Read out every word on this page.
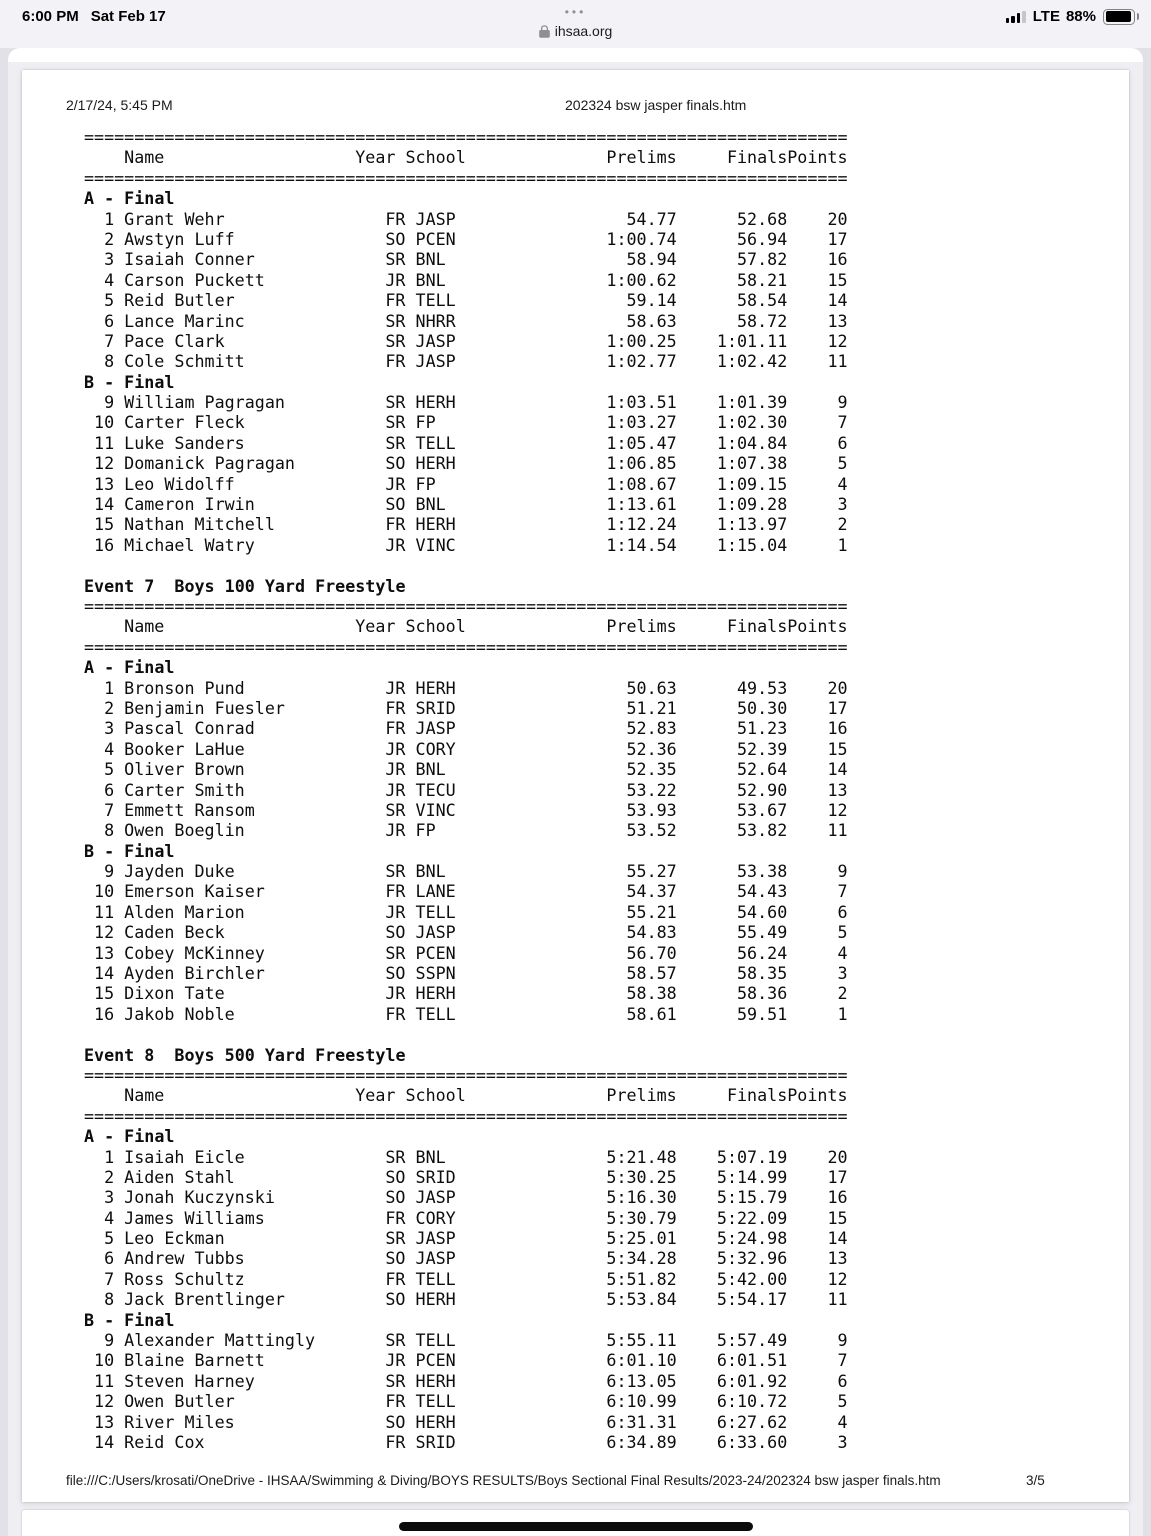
6:00 PM Sat Feb 17	•••
ihsaa.org
LTE 88%
2/17/24, 5:45 PM	202324 bsw jasper finals.htm
============================================================================
Name	Year School	Prelims	Finals Points
============================================================================
A - Final
1 Grant Wehr	FR JASP	54.77	52.68	20
2 Awstyn Luff	SO PCEN	1:00.74	56.94	17
3 Isaiah Conner	SR BNL	58.94	57.82	16
4 Carson Puckett	JR BNL	1:00.62	58.21	15
5 Reid Butler	FR TELL	59.14	58.54	14
6 Lance Marinc	SR NHRR	58.63	58.72	13
7 Pace Clark	SR JASP	1:00.25	1:01.11	12
8 Cole Schmitt	FR JASP	1:02.77	1:02.42	11
B - Final
9 William Pagragan	SR HERH	1:03.51	1:01.39	9
10 Carter Fleck	SR FP	1:03.27	1:02.30	7
11 Luke Sanders	SR TELL	1:05.47	1:04.84	6
12 Domanick Pagragan	SO HERH	1:06.85	1:07.38	5
13 Leo Widolff	JR FP	1:08.67	1:09.15	4
14 Cameron Irwin	SO BNL	1:13.61	1:09.28	3
15 Nathan Mitchell	FR HERH	1:12.24	1:13.97	2
16 Michael Watry	JR VINC	1:14.54	1:15.04	1
Event 7  Boys 100 Yard Freestyle
============================================================================
Name	Year School	Prelims	Finals Points
============================================================================
A - Final
1 Bronson Pund	JR HERH	50.63	49.53	20
2 Benjamin Fuesler	FR SRID	51.21	50.30	17
3 Pascal Conrad	FR JASP	52.83	51.23	16
4 Booker LaHue	JR CORY	52.36	52.39	15
5 Oliver Brown	JR BNL	52.35	52.64	14
6 Carter Smith	JR TECU	53.22	52.90	13
7 Emmett Ransom	SR VINC	53.93	53.67	12
8 Owen Boeglin	JR FP	53.52	53.82	11
B - Final
9 Jayden Duke	SR BNL	55.27	53.38	9
10 Emerson Kaiser	FR LANE	54.37	54.43	7
11 Alden Marion	JR TELL	55.21	54.60	6
12 Caden Beck	SO JASP	54.83	55.49	5
13 Cobey McKinney	SR PCEN	56.70	56.24	4
14 Ayden Birchler	SO SSPN	58.57	58.35	3
15 Dixon Tate	JR HERH	58.38	58.36	2
16 Jakob Noble	FR TELL	58.61	59.51	1
Event 8  Boys 500 Yard Freestyle
============================================================================
Name	Year School	Prelims	Finals Points
============================================================================
A - Final
1 Isaiah Eicle	SR BNL	5:21.48	5:07.19	20
2 Aiden Stahl	SO SRID	5:30.25	5:14.99	17
3 Jonah Kuczynski	SO JASP	5:16.30	5:15.79	16
4 James Williams	FR CORY	5:30.79	5:22.09	15
5 Leo Eckman	SR JASP	5:25.01	5:24.98	14
6 Andrew Tubbs	SO JASP	5:34.28	5:32.96	13
7 Ross Schultz	FR TELL	5:51.82	5:42.00	12
8 Jack Brentlinger	SO HERH	5:53.84	5:54.17	11
B - Final
9 Alexander Mattingly	SR TELL	5:55.11	5:57.49	9
10 Blaine Barnett	JR PCEN	6:01.10	6:01.51	7
11 Steven Harney	SR HERH	6:13.05	6:01.92	6
12 Owen Butler	FR TELL	6:10.99	6:10.72	5
13 River Miles	SO HERH	6:31.31	6:27.62	4
14 Reid Cox	FR SRID	6:34.89	6:33.60	3
file:///C:/Users/krosati/OneDrive - IHSAA/Swimming & Diving/BOYS RESULTS/Boys Sectional Final Results/2023-24/202324 bsw jasper finals.htm	3/5
